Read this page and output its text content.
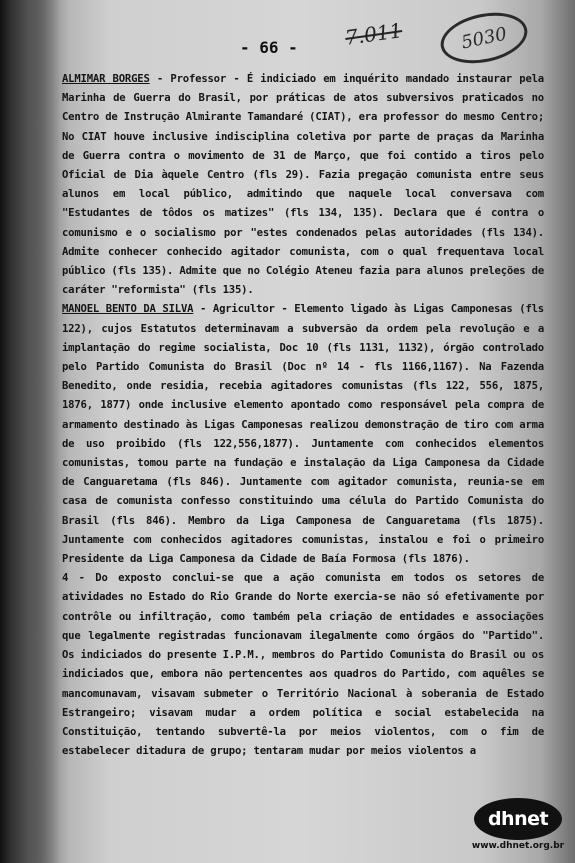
- 66 - 7.011	5030

ALMIMAR BORGES - Professor - É indiciado em inquérito mandado instaurar pela Marinha de Guerra do Brasil, por práticas de atos subversivos praticados no Centro de Instrução Almirante Tamandaré (CIAT), era professor do mesmo Centro; No CIAT houve inclusive indisciplina coletiva por parte de praças da Marinha de Guerra contra o movimento de 31 de Março, que foi contido a tiros pelo Oficial de Dia àquele Centro (fls 29). Fazia pregação comunista entre seus alunos em local público, admitindo que naquele local conversava com "Estudantes de tôdos os matizes" (fls 134, 135). Declara que é contra o comunismo e o socialismo por "estes condenados pelas autoridades (fls 134). Admite conhecer conhecido agitador comunista, com o qual frequentava local público (fls 135). Admite que no Colégio Ateneu fazia para alunos preleções de caráter "reformista" (fls 135).

MANOEL BENTO DA SILVA - Agricultor - Elemento ligado às Ligas Camponesas (fls 122), cujos Estatutos determinavam a subversão da ordem pela revolução e a implantação do regime socialista, Doc 10 (fls 1131, 1132), órgão controlado pelo Partido Comunista do Brasil (Doc nº 14 - fls 1166,1167). Na Fazenda Benedito, onde residia, recebia agitadores comunistas (fls 122, 556, 1875, 1876, 1877) onde inclusive elemento apontado como responsável pela compra de armamento destinado às Ligas Camponesas realizou demonstração de tiro com arma de uso proibido (fls 122,556,1877). Juntamente com conhecidos elementos comunistas, tomou parte na fundação e instalação da Liga Camponesa da Cidade de Canguaretama (fls 846). Juntamente com agitador comunista, reunia-se em casa de comunista confesso constituindo uma célula do Partido Comunista do Brasil (fls 846). Membro da Liga Camponesa de Canguaretama (fls 1875). Juntamente com conhecidos agitadores comunistas, instalou e foi o primeiro Presidente da Liga Camponesa da Cidade de Baía Formosa (fls 1876).

4 - Do exposto conclui-se que a ação comunista em todos os setores de atividades no Estado do Rio Grande do Norte exercia-se não só efetivamente por contrôle ou infiltração, como também pela criação de entidades e associações que legalmente registradas funcionavam ilegalmente como órgãos do "Partido". Os indiciados do presente I.P.M., membros do Partido Comunista do Brasil ou os indiciados que, embora não pertencentes aos quadros do Partido, com aquêles se mancomunavam, visavam submeter o Território Nacional à soberania de Estado Estrangeiro; visavam mudar a ordem política e social estabelecida na Constituição, tentando subvertê-la por meios violentos, com o fim de estabelecer ditadura de grupo; tentaram mudar por meios violentos a

dhnet
www.dhnet.org.br
